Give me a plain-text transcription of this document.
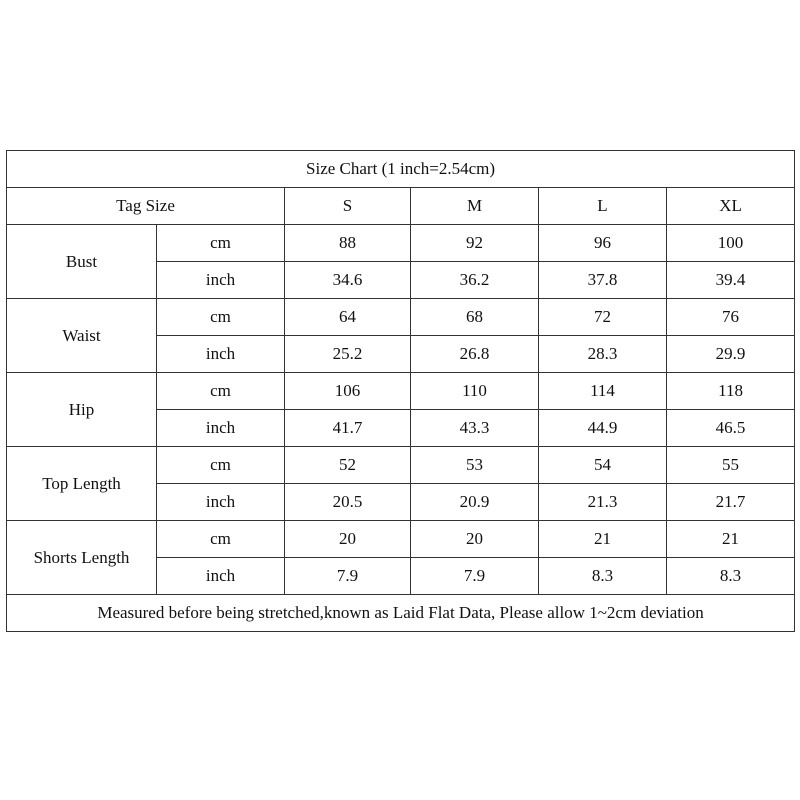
Size Chart (1 inch=2.54cm)					
Tag Size		S	M	L	XL
Bust	cm	88	92	96	100
	inch	34.6	36.2	37.8	39.4
Waist	cm	64	68	72	76
	inch	25.2	26.8	28.3	29.9
Hip	cm	106	110	114	118
	inch	41.7	43.3	44.9	46.5
Top Length	cm	52	53	54	55
	inch	20.5	20.9	21.3	21.7
Shorts Length	cm	20	20	21	21
	inch	7.9	7.9	8.3	8.3
Measured before being stretched,known as Laid Flat Data, Please allow 1~2cm deviation					
